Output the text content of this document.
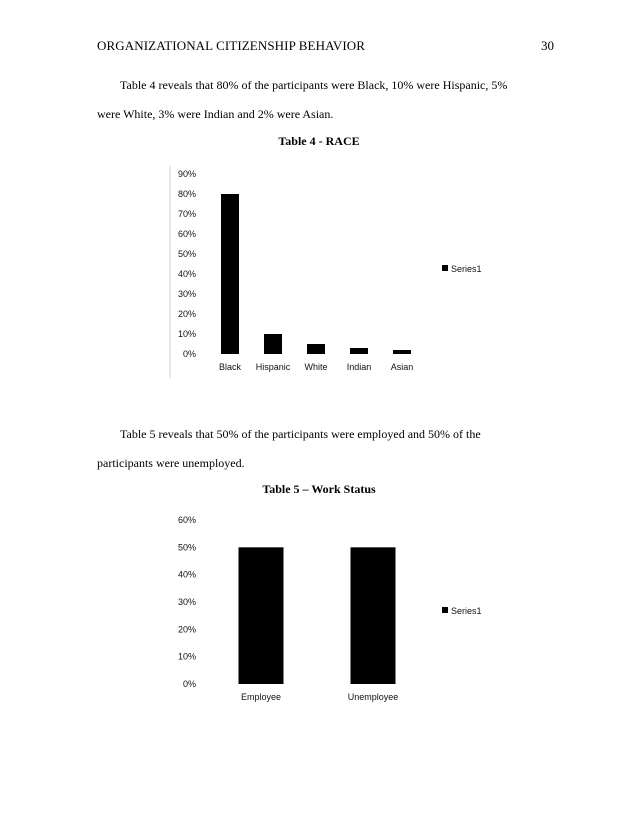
ORGANIZATIONAL CITIZENSHIP BEHAVIOR	30
Table 4 reveals that 80% of the participants were Black, 10% were Hispanic, 5%
were White, 3% were Indian and 2% were Asian.
Table 4 - RACE
0%
10%
20%
30%
40%
50%
60%
70%
80%
90%
Black Hispanic White Indian Asian
Series1
Table 5 reveals that 50% of the participants were employed and 50% of the
participants were unemployed.
Table 5 – Work Status
0%
10%
20%
30%
40%
50%
60%
Employee	Unemployee
Series1
